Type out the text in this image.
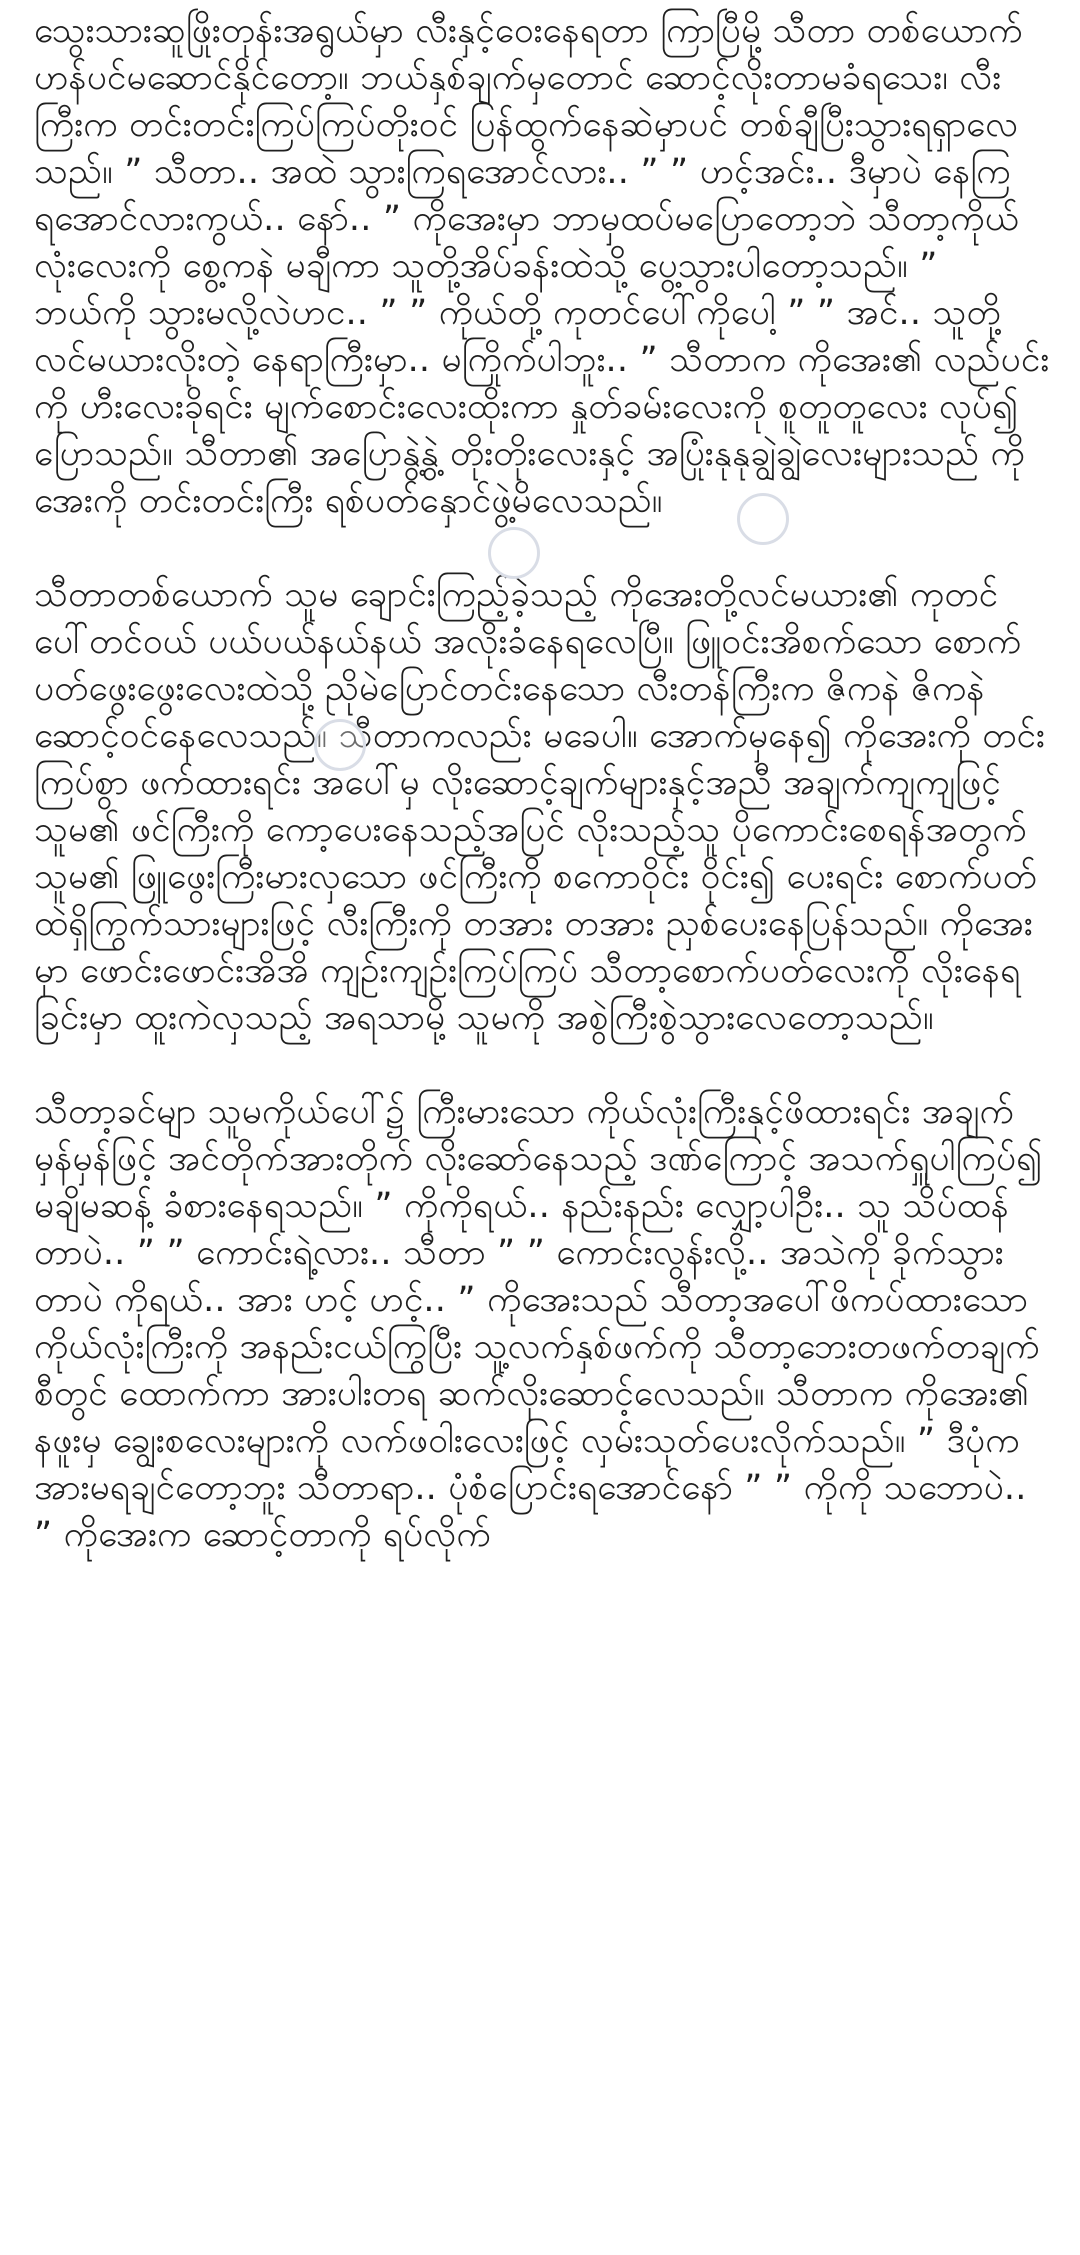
သွေးသားဆူဖြိုးတုန်းအရွယ်မှာ လီးနှင့်ဝေးနေရတာ ကြာပြီမို့ သီတာ တစ်ယောက် ဟန်ပင်မဆောင်နိုင်တော့။ ဘယ်နှစ်ချက်မှတောင် ဆောင့်လိုးတာမခံရသေး၊ လီးကြီးက တင်းတင်းကြပ်ကြပ်တိုးဝင် ပြန်ထွက်နေဆဲမှာပင် တစ်ချီပြီးသွားရရှာလေသည်။ ” သီတာ.. အထဲ သွားကြရအောင်လား.. ” ” ဟင့်အင်း.. ဒီမှာပဲ နေကြရအောင်လားကွယ်.. နော်.. ” ကိုအေးမှာ ဘာမှထပ်မပြောတော့ဘဲ သီတာ့ကိုယ်လုံးလေးကို စွေ့ကနဲ မချီကာ သူတို့အိပ်ခန်းထဲသို့ ပွေ့သွားပါတော့သည်။ ” ဘယ်ကို သွားမလို့လဲဟင.. ” ” ကိုယ်တို့ ကုတင်ပေါ်ကိုပေါ့ ” ” အင်.. သူတို့လင်မယားလိုးတဲ့ နေရာကြီးမှာ.. မကြိုက်ပါဘူး.. ” သီတာက ကိုအေး၏ လည်ပင်းကို ဟီးလေးခိုရင်း မျက်စောင်းလေးထိုးကာ နှုတ်ခမ်းလေးကို စူတူတူလေး လုပ်၍ ပြောသည်။ သီတာ၏ အပြောနွဲ့နွဲ့ တိုးတိုးလေးနှင့် အပြုံးနုနုချွဲချွဲလေးများသည် ကိုအေးကို တင်းတင်းကြီး ရစ်ပတ်နှောင်ဖွဲ့မိလေသည်။

သီတာတစ်ယောက် သူမ ချောင်းကြည့်ခဲ့သည့် ကိုအေးတို့လင်မယား၏ ကုတင်ပေါ်တင်ဝယ် ပယ်ပယ်နယ်နယ် အလိုးခံနေရလေပြီ။ ဖြူဝင်းအိစက်သော စောက်ပတ်ဖွေးဖွေးလေးထဲသို့ ညိုမဲပြောင်တင်းနေသော လီးတန်ကြီးက ဇိကနဲ ဇိကနဲ ဆောင့်ဝင်နေလေသည်။ သီတာကလည်း မခေပါ။ အောက်မှနေ၍ ကိုအေးကို တင်းကြပ်စွာ ဖက်ထားရင်း အပေါ်မှ လိုးဆောင့်ချက်များနှင့်အညီ အချက်ကျကျဖြင့် သူမ၏ ဖင်ကြီးကို ကော့ပေးနေသည့်အပြင် လိုးသည့်သူ ပိုကောင်းစေရန်အတွက် သူမ၏ ဖြူဖွေးကြီးမားလှသော ဖင်ကြီးကို စကောဝိုင်း ဝိုင်း၍ ပေးရင်း စောက်ပတ်ထဲရှိကြွက်သားများဖြင့် လီးကြီးကို တအား တအား ညှစ်ပေးနေပြန်သည်။ ကိုအေးမှာ ဖောင်းဖောင်းအိအိ ကျဉ်းကျဉ်းကြပ်ကြပ် သီတာ့စောက်ပတ်လေးကို လိုးနေရခြင်းမှာ ထူးကဲလှသည့် အရသာမို့ သူမကို အစွဲကြီးစွဲသွားလေတော့သည်။

သီတာ့ခင်မျာ သူမကိုယ်ပေါ်၌ ကြီးမားသော ကိုယ်လုံးကြီးနှင့်ဖိထားရင်း အချက်မှန်မှန်ဖြင့် အင်တိုက်အားတိုက် လိုးဆော်နေသည့် ဒဏ်ကြောင့် အသက်ရှူပါကြပ်၍ မချိမဆန့် ခံစားနေရသည်။ ” ကိုကိုရယ်.. နည်းနည်း လျှော့ပါဦး.. သူ သိပ်ထန်တာပဲ.. ” ” ကောင်းရဲ့လား.. သီတာ ” ” ကောင်းလွန်းလို့.. အသဲကို ခိုက်သွားတာပဲ ကိုရယ်.. အား ဟင့် ဟင့်.. ” ကိုအေးသည် သီတာ့အပေါ်ဖိကပ်ထားသော ကိုယ်လုံးကြီးကို အနည်းငယ်ကြွပြီး သူ့လက်နှစ်ဖက်ကို သီတာ့ဘေးတဖက်တချက်စီတွင် ထောက်ကာ အားပါးတရ ဆက်လိုးဆောင့်လေသည်။ သီတာက ကိုအေး၏ နဖူးမှ ချွေးစလေးများကို လက်ဖဝါးလေးဖြင့် လှမ်းသုတ်ပေးလိုက်သည်။ ” ဒီပုံက အားမရချင်တော့ဘူး သီတာရာ.. ပုံစံပြောင်းရအောင်နော် ” ” ကိုကို သဘောပဲ.. ” ကိုအေးက ဆောင့်တာကို ရပ်လိုက်
